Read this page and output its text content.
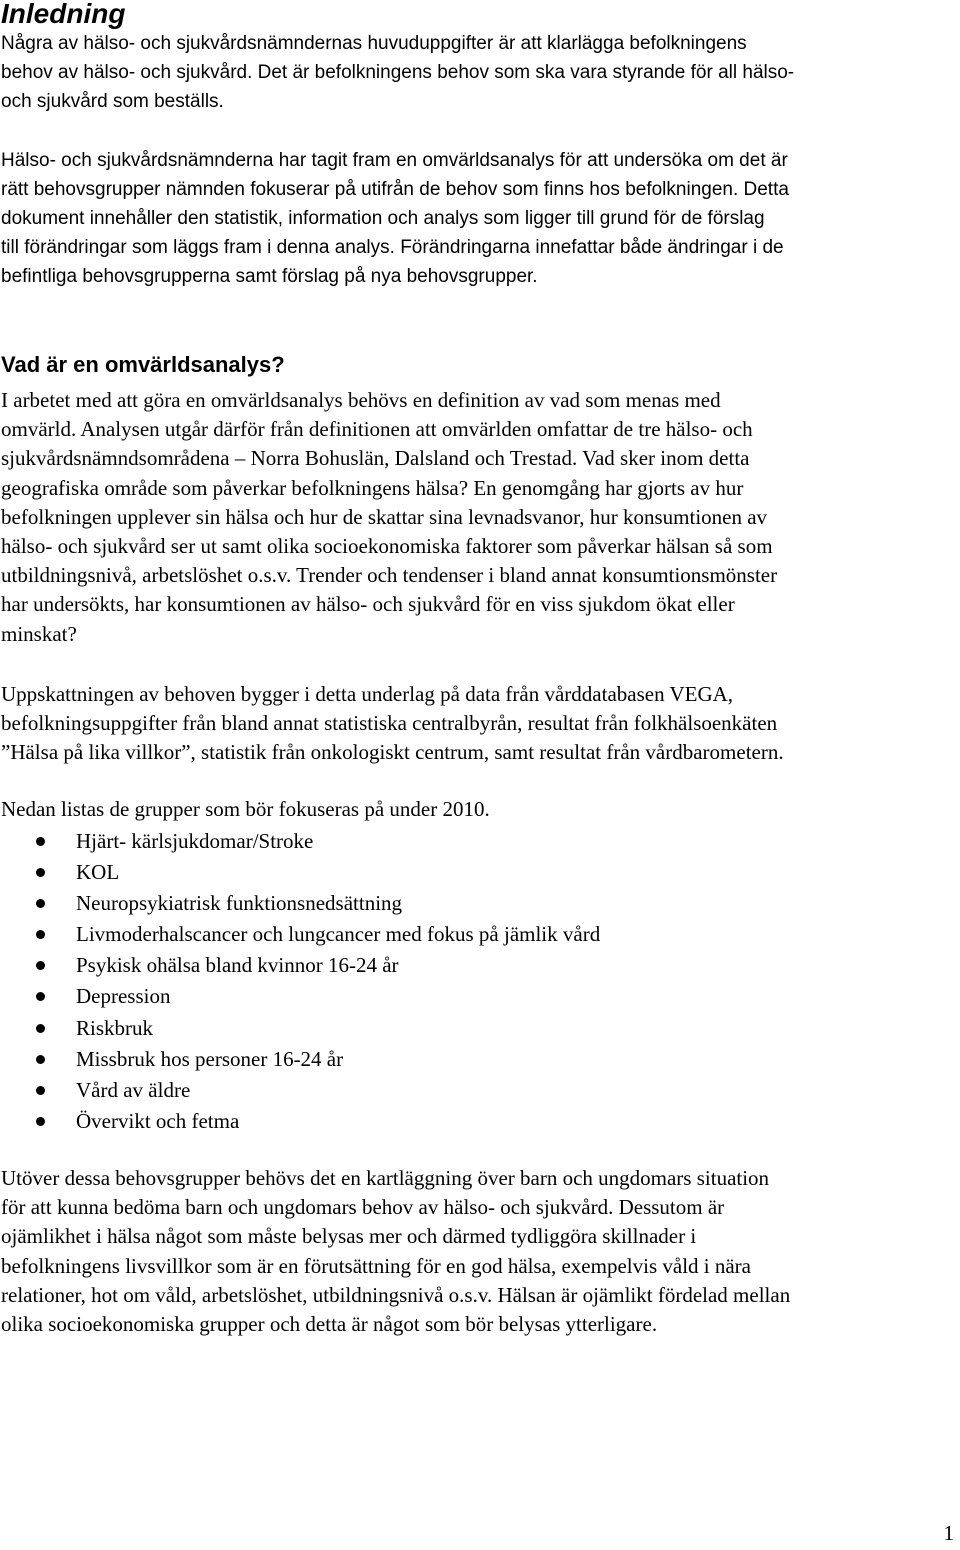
Inledning

Några av hälso- och sjukvårdsnämndernas huvuduppgifter är att klarlägga befolkningens
behov av hälso- och sjukvård. Det är befolkningens behov som ska vara styrande för all hälso-
och sjukvård som beställs.

Hälso- och sjukvårdsnämnderna har tagit fram en omvärldsanalys för att undersöka om det är
rätt behovsgrupper nämnden fokuserar på utifrån de behov som finns hos befolkningen. Detta
dokument innehåller den statistik, information och analys som ligger till grund för de förslag
till förändringar som läggs fram i denna analys. Förändringarna innefattar både ändringar i de
befintliga behovsgrupperna samt förslag på nya behovsgrupper.

Vad är en omvärldsanalys?

I arbetet med att göra en omvärldsanalys behövs en definition av vad som menas med
omvärld. Analysen utgår därför från definitionen att omvärlden omfattar de tre hälso- och
sjukvårdsnämndsområdena – Norra Bohuslän, Dalsland och Trestad. Vad sker inom detta
geografiska område som påverkar befolkningens hälsa? En genomgång har gjorts av hur
befolkningen upplever sin hälsa och hur de skattar sina levnadsvanor, hur konsumtionen av
hälso- och sjukvård ser ut samt olika socioekonomiska faktorer som påverkar hälsan så som
utbildningsnivå, arbetslöshet o.s.v. Trender och tendenser i bland annat konsumtionsmönster
har undersökts, har konsumtionen av hälso- och sjukvård för en viss sjukdom ökat eller
minskat?

Uppskattningen av behoven bygger i detta underlag på data från vårddatabasen VEGA,
befolkningsuppgifter från bland annat statistiska centralbyrån, resultat från folkhälsoenkäten
”Hälsa på lika villkor”, statistik från onkologiskt centrum, samt resultat från vårdbarometern.

Nedan listas de grupper som bör fokuseras på under 2010.

Hjärt- kärlsjukdomar/Stroke
KOL
Neuropsykiatrisk funktionsnedsättning
Livmoderhalscancer och lungcancer med fokus på jämlik vård
Psykisk ohälsa bland kvinnor 16-24 år
Depression
Riskbruk
Missbruk hos personer 16-24 år
Vård av äldre
Övervikt och fetma

Utöver dessa behovsgrupper behövs det en kartläggning över barn och ungdomars situation
för att kunna bedöma barn och ungdomars behov av hälso- och sjukvård. Dessutom är
ojämlikhet i hälsa något som måste belysas mer och därmed tydliggöra skillnader i
befolkningens livsvillkor som är en förutsättning för en god hälsa, exempelvis våld i nära
relationer, hot om våld, arbetslöshet, utbildningsnivå o.s.v. Hälsan är ojämlikt fördelad mellan
olika socioekonomiska grupper och detta är något som bör belysas ytterligare.

1
